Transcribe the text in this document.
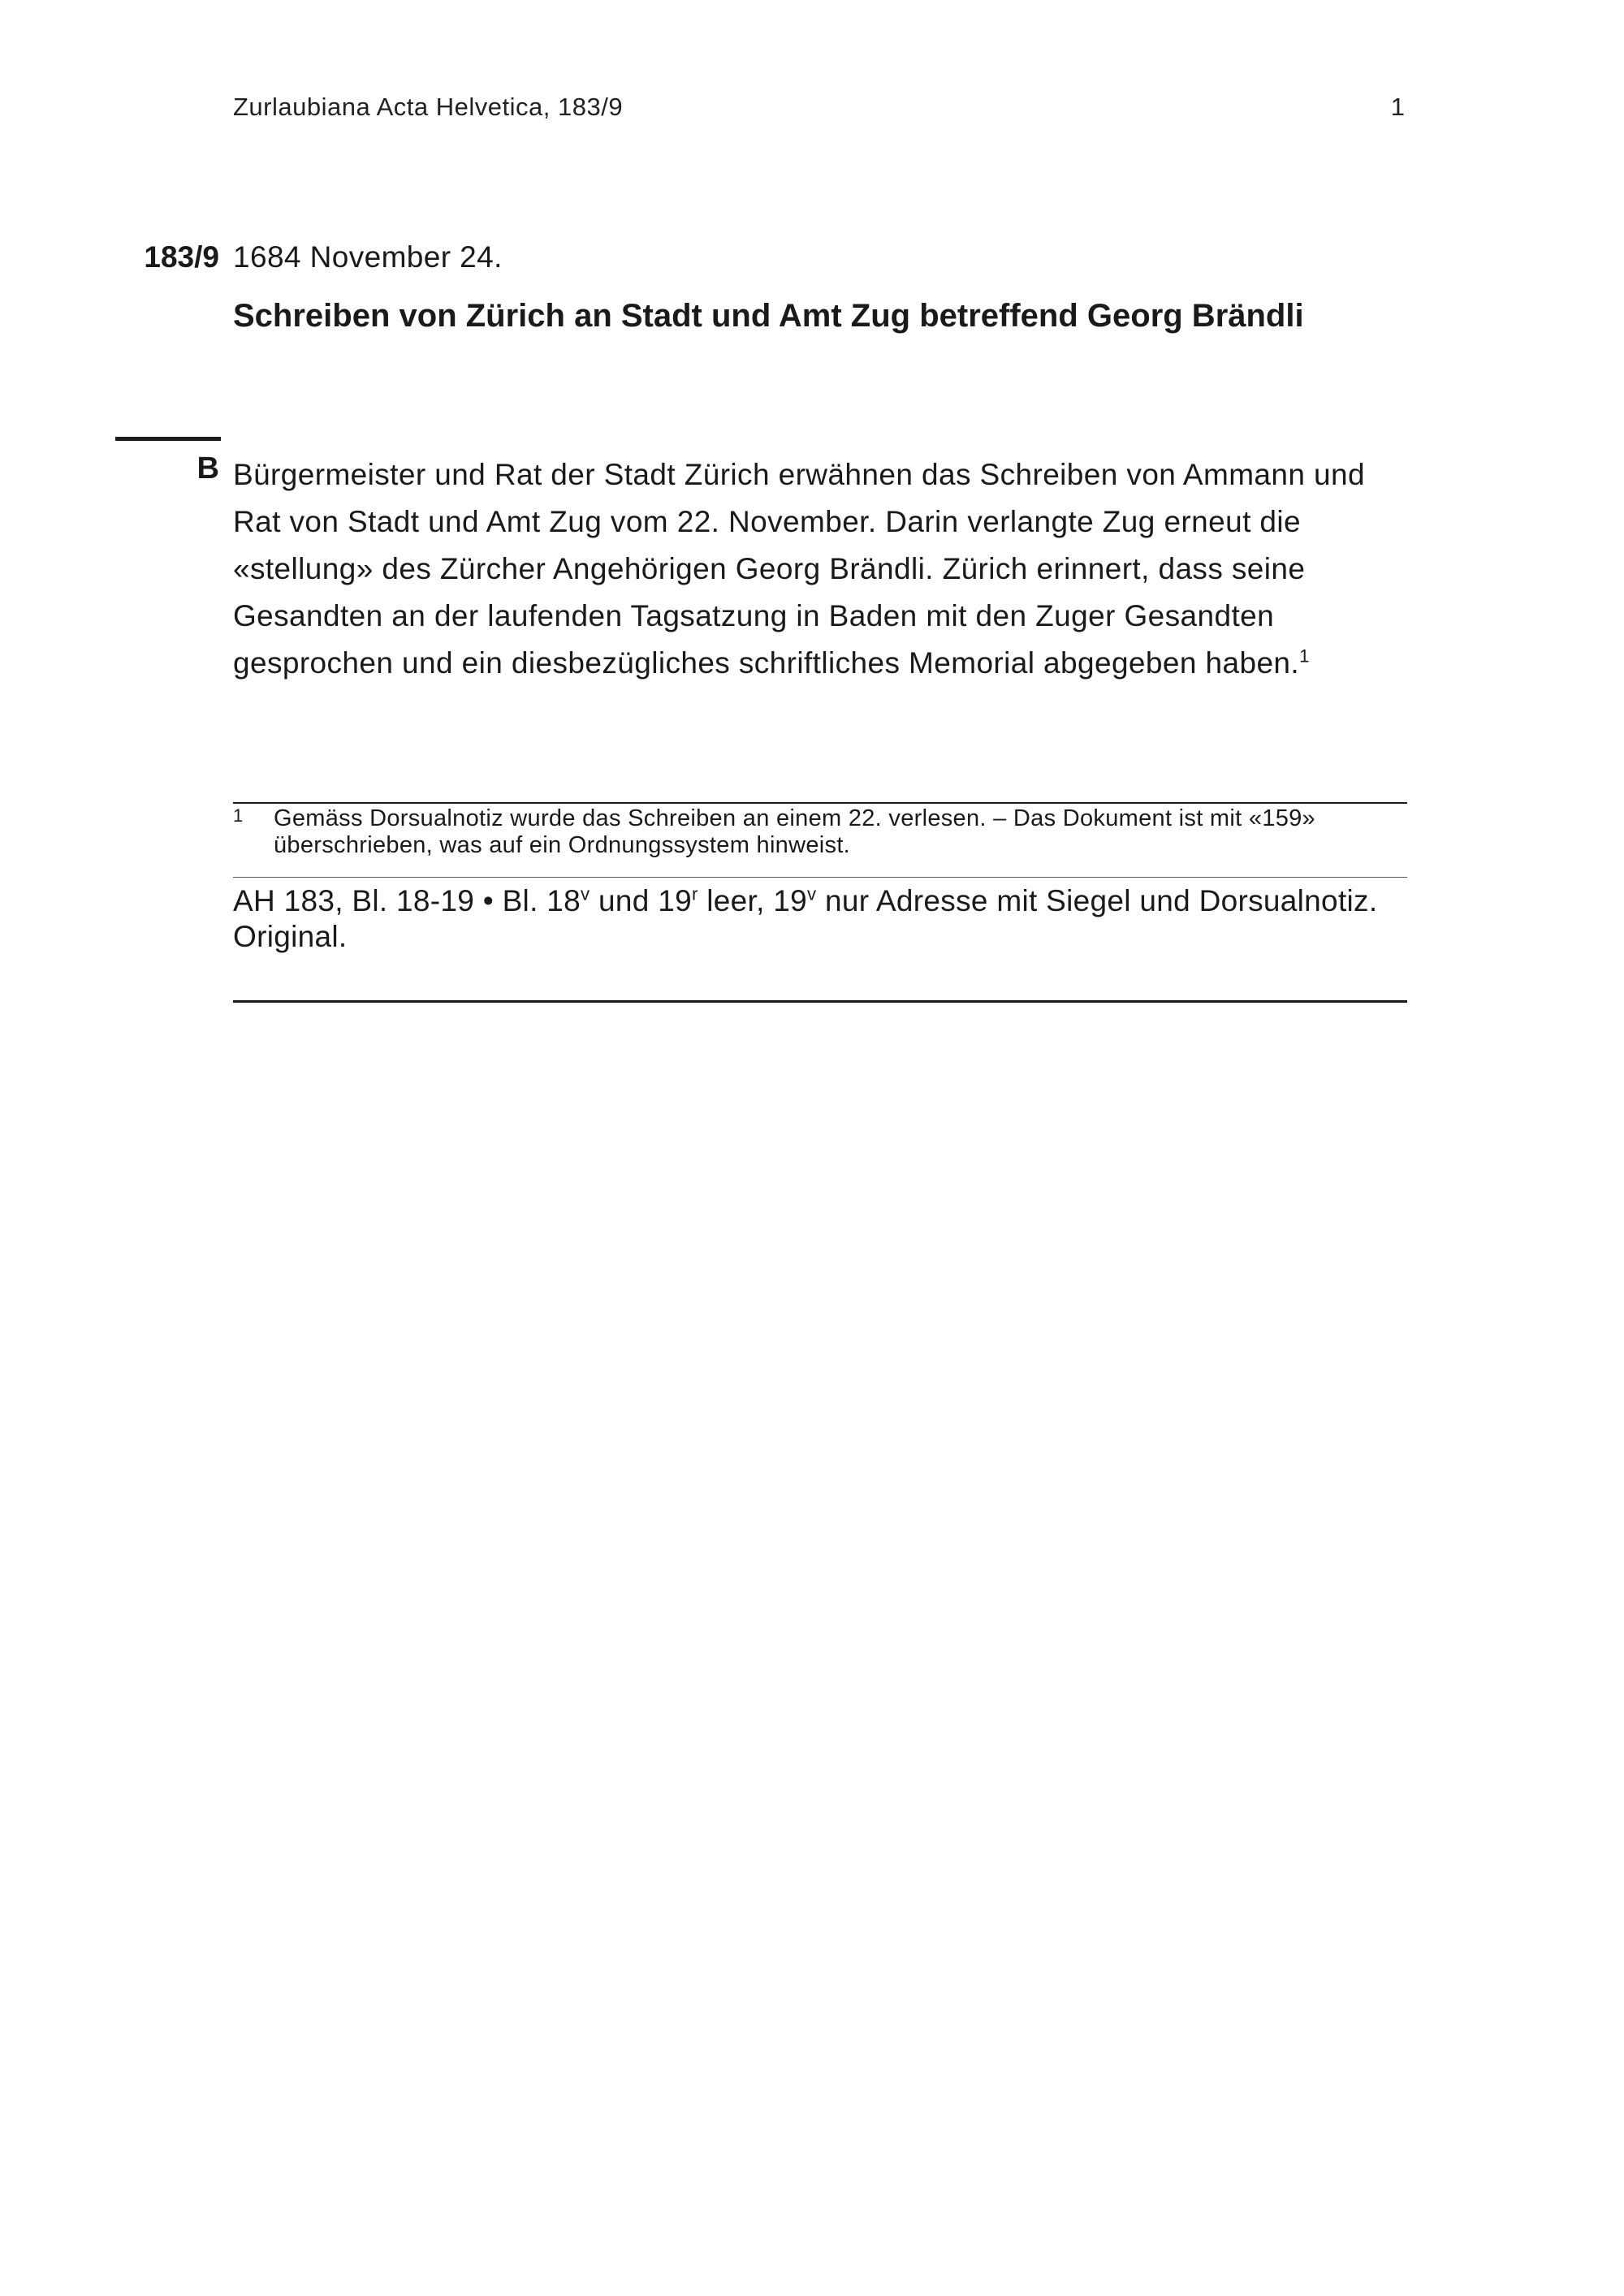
Zurlaubiana Acta Helvetica, 183/9	1
183/9 1684 November 24.
Schreiben von Zürich an Stadt und Amt Zug betreffend Georg Brändli
B Bürgermeister und Rat der Stadt Zürich erwähnen das Schreiben von Ammann und Rat von Stadt und Amt Zug vom 22. November. Darin verlangte Zug erneut die «stellung» des Zürcher Angehörigen Georg Brändli. Zürich erinnert, dass seine Gesandten an der laufenden Tagsatzung in Baden mit den Zuger Gesandten gesprochen und ein diesbezügliches schriftliches Memorial abgegeben haben.$^1$

1 Gemäss Dorsualnotiz wurde das Schreiben an einem 22. verlesen. – Das Dokument ist mit «159» überschrieben, was auf ein Ordnungssystem hinweist.
AH 183, Bl. 18-19 • Bl. 18$^v$ und 19$^r$ leer, 19$^v$ nur Adresse mit Siegel und Dorsualnotiz.
Original.
